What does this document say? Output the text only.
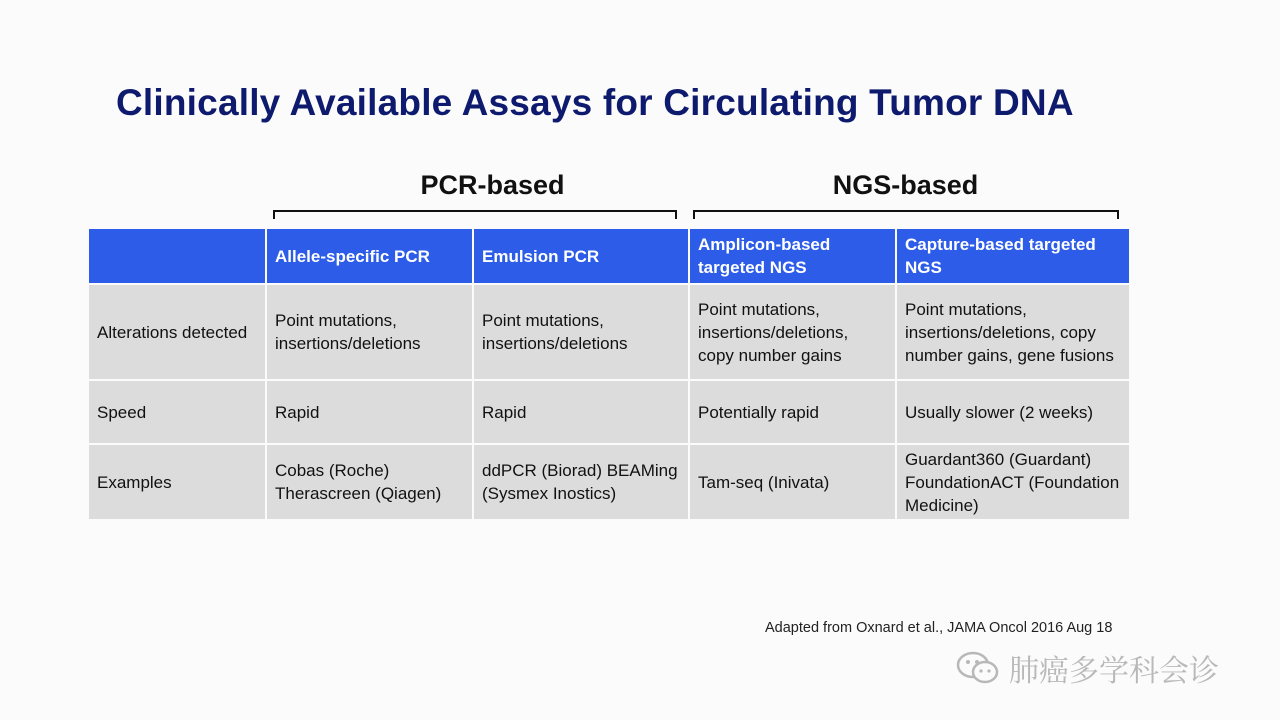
Clinically Available Assays for Circulating Tumor DNA
PCR-based	NGS-based
	Allele-specific PCR	Emulsion PCR	Amplicon-based targeted NGS	Capture-based targeted NGS
Alterations detected	Point mutations, insertions/deletions	Point mutations, insertions/deletions	Point mutations, insertions/deletions, copy number gains	Point mutations, insertions/deletions, copy number gains, gene fusions
Speed	Rapid	Rapid	Potentially rapid	Usually slower (2 weeks)
Examples	Cobas (Roche) Therascreen (Qiagen)	ddPCR (Biorad) BEAMing (Sysmex Inostics)	Tam-seq (Inivata)	Guardant360 (Guardant) FoundationACT (Foundation Medicine)
Adapted from Oxnard et al., JAMA Oncol 2016 Aug 18
肺癌多学科会诊
